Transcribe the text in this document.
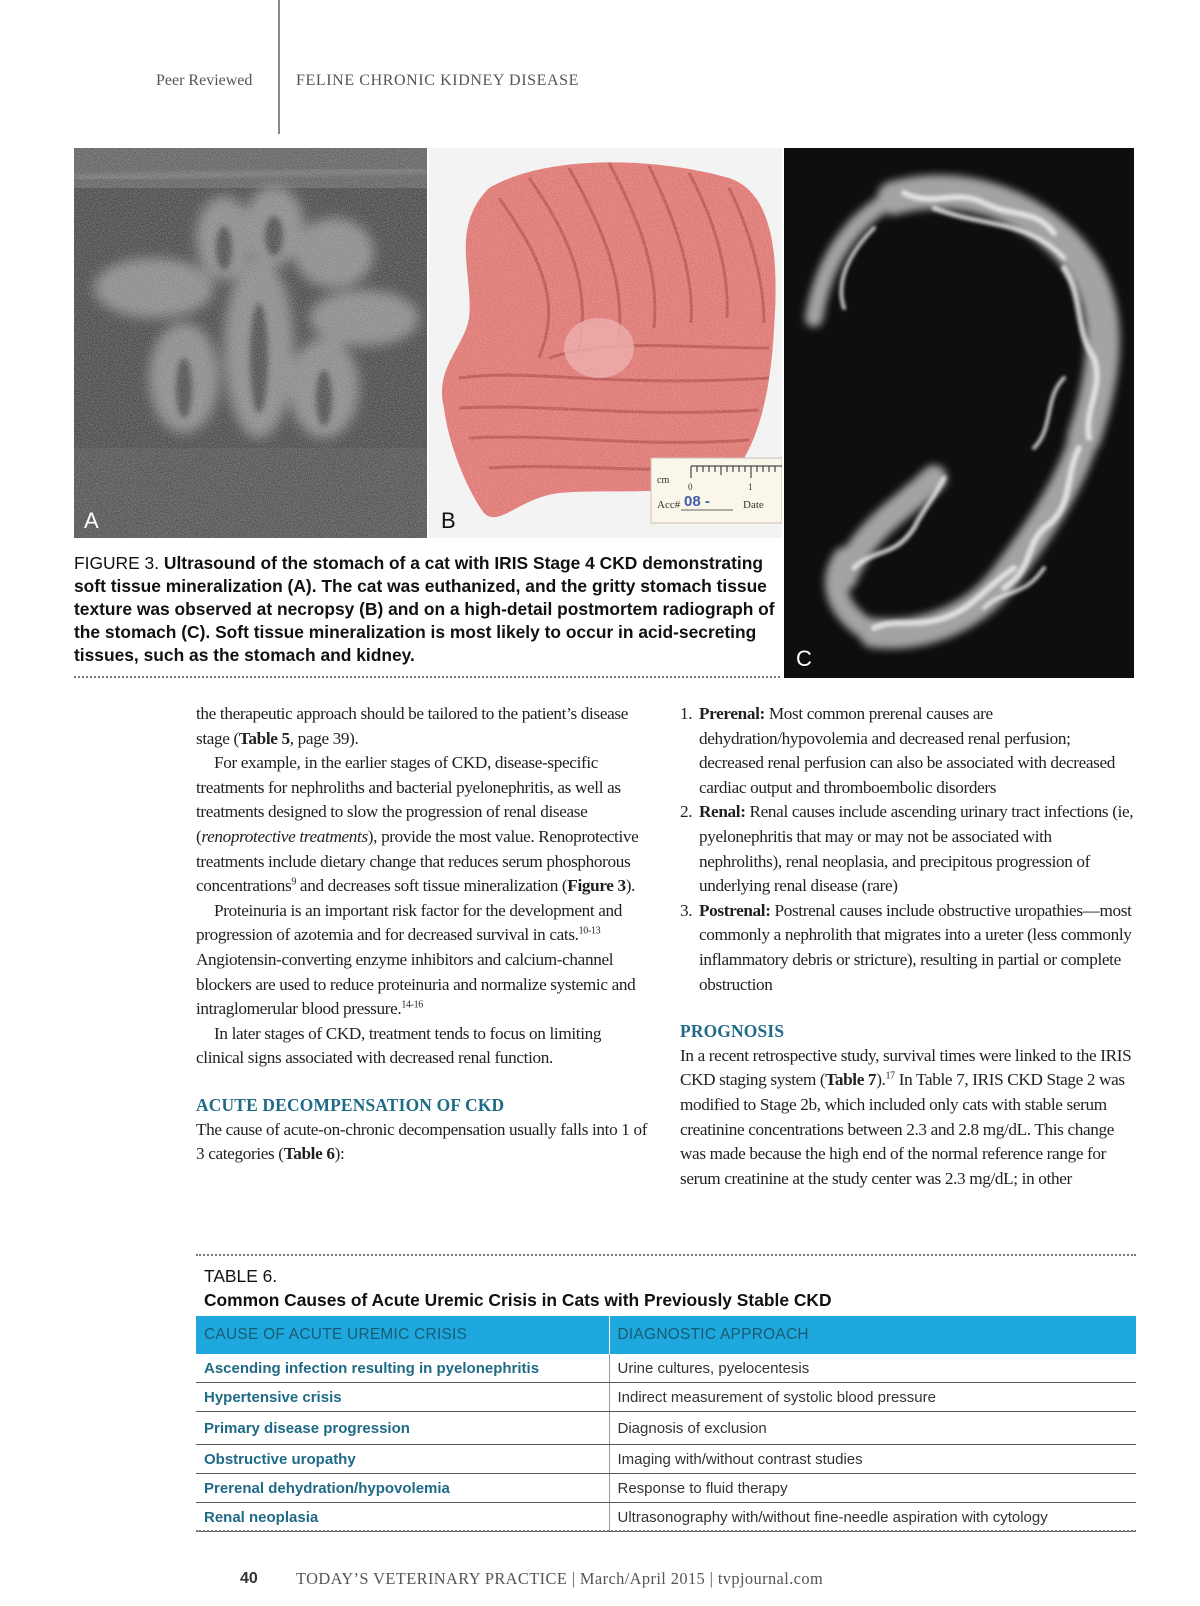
Peer Reviewed	FELINE CHRONIC KIDNEY DISEASE
A
cm
0	1
Acc# 08 -	Date
B
C
FIGURE 3. Ultrasound of the stomach of a cat with IRIS Stage 4 CKD demonstrating soft tissue mineralization (A). The cat was euthanized, and the gritty stomach tissue texture was observed at necropsy (B) and on a high-detail postmortem radiograph of the stomach (C). Soft tissue mineralization is most likely to occur in acid-secreting tissues, such as the stomach and kidney.

the therapeutic approach should be tailored to the patient’s disease stage (Table 5, page 39).

For example, in the earlier stages of CKD, disease-specific treatments for nephroliths and bacterial pyelonephritis, as well as treatments designed to slow the progression of renal disease (renoprotective treatments), provide the most value. Renoprotective treatments include dietary change that reduces serum phosphorous concentrations$^9$ and decreases soft tissue mineralization (Figure 3).

Proteinuria is an important risk factor for the development and progression of azotemia and for decreased survival in cats.$^{10-13}$ Angiotensin-converting enzyme inhibitors and calcium-channel blockers are used to reduce proteinuria and normalize systemic and intraglomerular blood pressure.$^{14-16}$

In later stages of CKD, treatment tends to focus on limiting clinical signs associated with decreased renal function.

ACUTE DECOMPENSATION OF CKD

The cause of acute-on-chronic decompensation usually falls into 1 of 3 categories (Table 6):

1. Prerenal: Most common prerenal causes are dehydration/hypovolemia and decreased renal perfusion; decreased renal perfusion can also be associated with decreased cardiac output and thromboembolic disorders
2. Renal: Renal causes include ascending urinary tract infections (ie, pyelonephritis that may or may not be associated with nephroliths), renal neoplasia, and precipitous progression of underlying renal disease (rare)
3. Postrenal: Postrenal causes include obstructive uropathies—most commonly a nephrolith that migrates into a ureter (less commonly inflammatory debris or stricture), resulting in partial or complete obstruction
PROGNOSIS

In a recent retrospective study, survival times were linked to the IRIS CKD staging system (Table 7).$^{17}$ In Table 7, IRIS CKD Stage 2 was modified to Stage 2b, which included only cats with stable serum creatinine concentrations between 2.3 and 2.8 mg/dL. This change was made because the high end of the normal reference range for serum creatinine at the study center was 2.3 mg/dL; in other

TABLE 6.
Common Causes of Acute Uremic Crisis in Cats with Previously Stable CKD
CAUSE OF ACUTE UREMIC CRISIS	DIAGNOSTIC APPROACH
Ascending infection resulting in pyelonephritis	Urine cultures, pyelocentesis
Hypertensive crisis	Indirect measurement of systolic blood pressure
Primary disease progression	Diagnosis of exclusion
Obstructive uropathy	Imaging with/without contrast studies
Prerenal dehydration/hypovolemia	Response to fluid therapy
Renal neoplasia	Ultrasonography with/without fine-needle aspiration with cytology
40 TODAY’S VETERINARY PRACTICE | March/April 2015 | tvpjournal.com
